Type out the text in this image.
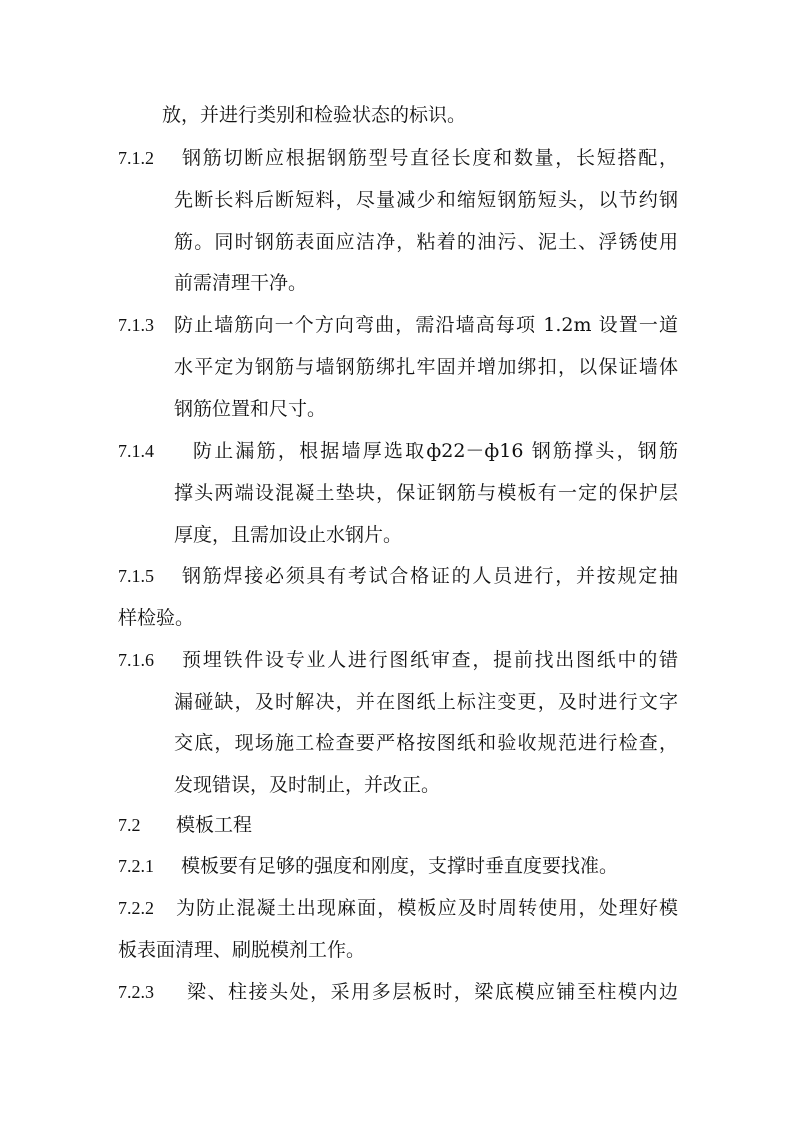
放，并进行类别和检验状态的标识。
7.1.2 钢筋切断应根据钢筋型号直径长度和数量，长短搭配，
先断长料后断短料，尽量减少和缩短钢筋短头，以节约钢
筋。同时钢筋表面应洁净，粘着的油污、泥土、浮锈使用
前需清理干净。
7.1.3 防止墙筋向一个方向弯曲，需沿墙高每项 1.2m 设置一道
水平定为钢筋与墙钢筋绑扎牢固并增加绑扣，以保证墙体
钢筋位置和尺寸。
7.1.4 防止漏筋，根据墙厚选取ф22－ф16 钢筋撑头，钢筋
撑头两端设混凝土垫块，保证钢筋与模板有一定的保护层
厚度，且需加设止水钢片。
7.1.5 钢筋焊接必须具有考试合格证的人员进行，并按规定抽
样检验。
7.1.6 预埋铁件设专业人进行图纸审查，提前找出图纸中的错
漏碰缺，及时解决，并在图纸上标注变更，及时进行文字
交底，现场施工检查要严格按图纸和验收规范进行检查，
发现错误，及时制止，并改正。
7.2 模板工程
7.2.1 模板要有足够的强度和刚度，支撑时垂直度要找准。
7.2.2 为防止混凝土出现麻面，模板应及时周转使用，处理好模
板表面清理、刷脱模剂工作。
7.2.3 梁、柱接头处，采用多层板时，梁底模应铺至柱模内边
